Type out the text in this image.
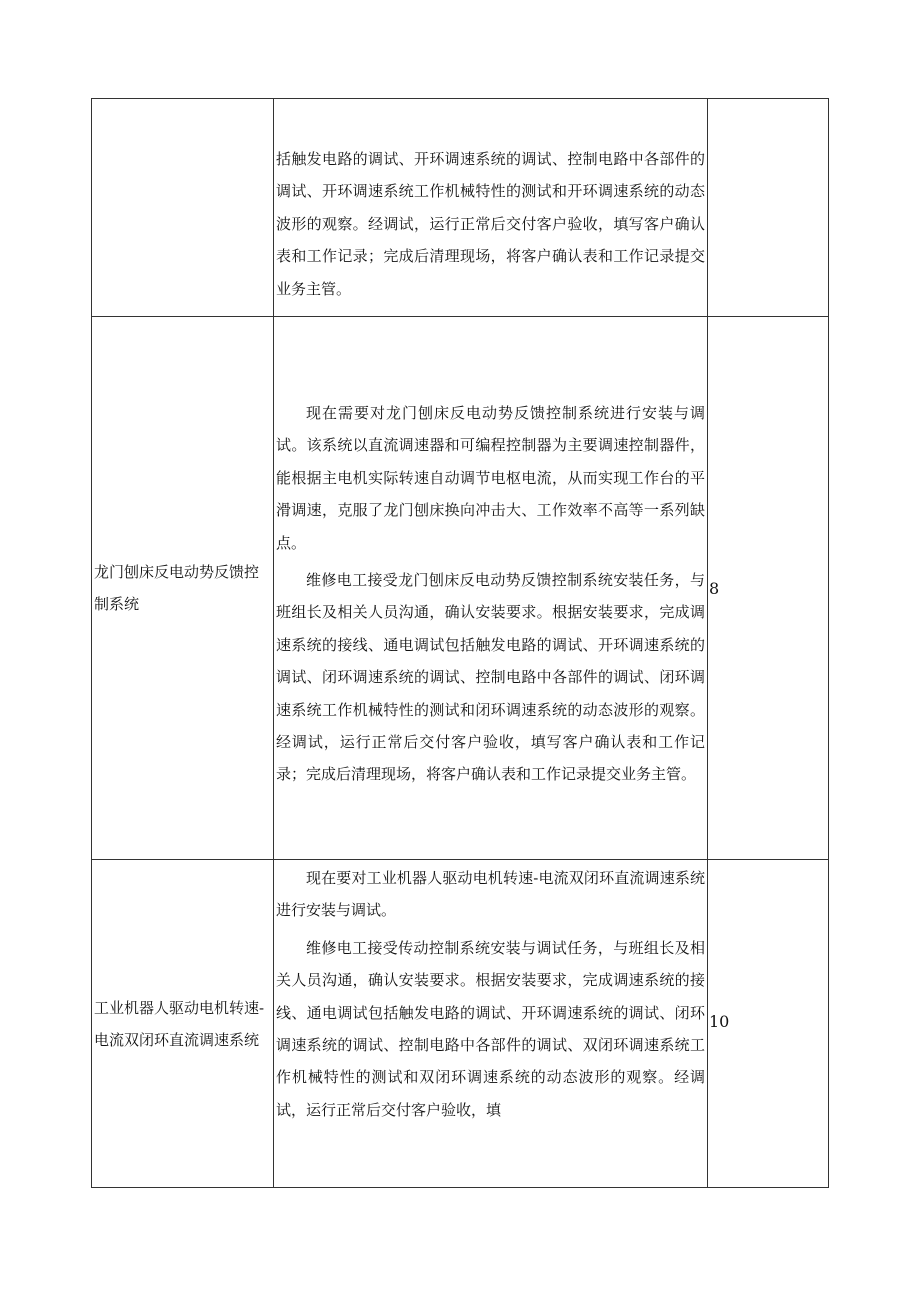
	括触发电路的调试、开环调速系统的调试、控制电路中各部件的调试、开环调速系统工作机械特性的测试和开环调速系统的动态波形的观察。经调试，运行正常后交付客户验收，填写客户确认表和工作记录；完成后清理现场，将客户确认表和工作记录提交业务主管。	

龙门刨床反电动势反馈控制系统	现在需要对龙门刨床反电动势反馈控制系统进行安装与调试。该系统以直流调速器和可编程控制器为主要调速控制器件，能根据主电机实际转速自动调节电枢电流，从而实现工作台的平滑调速，克服了龙门刨床换向冲击大、工作效率不高等一系列缺点。

维修电工接受龙门刨床反电动势反馈控制系统安装任务，与班组长及相关人员沟通，确认安装要求。根据安装要求，完成调速系统的接线、通电调试包括触发电路的调试、开环调速系统的调试、闭环调速系统的调试、控制电路中各部件的调试、闭环调速系统工作机械特性的测试和闭环调速系统的动态波形的观察。经调试，运行正常后交付客户验收，填写客户确认表和工作记录；完成后清理现场，将客户确认表和工作记录提交业务主管。	8
工业机器人驱动电机转速-电流双闭环直流调速系统	现在要对工业机器人驱动电机转速-电流双闭环直流调速系统进行安装与调试。

维修电工接受传动控制系统安装与调试任务，与班组长及相关人员沟通，确认安装要求。根据安装要求，完成调速系统的接线、通电调试包括触发电路的调试、开环调速系统的调试、闭环调速系统的调试、控制电路中各部件的调试、双闭环调速系统工作机械特性的测试和双闭环调速系统的动态波形的观察。经调试，运行正常后交付客户验收，填	10
